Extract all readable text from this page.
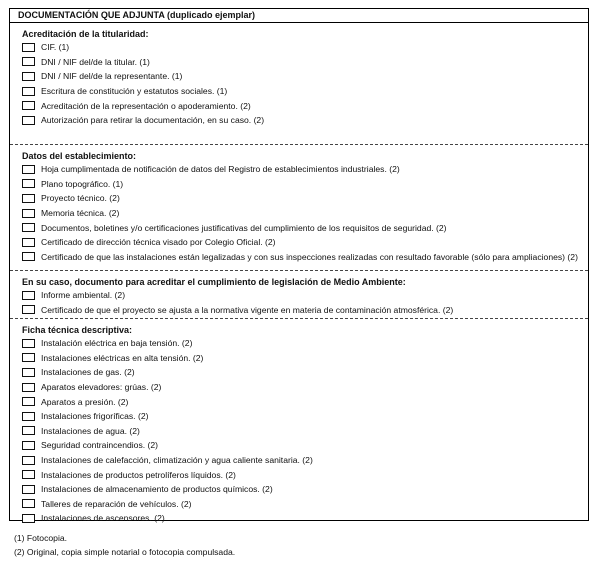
DOCUMENTACIÓN QUE ADJUNTA (duplicado ejemplar)
Acreditación de la titularidad:
CIF. (1)
DNI / NIF del/de la titular. (1)
DNI / NIF del/de la representante. (1)
Escritura de constitución y estatutos sociales. (1)
Acreditación de la representación o apoderamiento. (2)
Autorización para retirar la documentación, en su caso. (2)
Datos del establecimiento:
Hoja cumplimentada de notificación de datos del Registro de establecimientos industriales. (2)
Plano topográfico. (1)
Proyecto técnico. (2)
Memoria técnica. (2)
Documentos, boletines y/o certificaciones justificativas del cumplimiento de los requisitos de seguridad. (2)
Certificado de dirección técnica visado por Colegio Oficial. (2)
Certificado de que las instalaciones están legalizadas y con sus inspecciones realizadas con resultado favorable (sólo para ampliaciones) (2)
En su caso, documento para acreditar el cumplimiento de legislación de Medio Ambiente:
Informe ambiental. (2)
Certificado de que el proyecto se ajusta a la normativa vigente en materia de contaminación atmosférica. (2)
Ficha técnica descriptiva:
Instalación eléctrica en baja tensión. (2)
Instalaciones eléctricas en alta tensión. (2)
Instalaciones de gas. (2)
Aparatos elevadores: grúas. (2)
Aparatos a presión. (2)
Instalaciones frigoríficas. (2)
Instalaciones de agua. (2)
Seguridad contraincendios. (2)
Instalaciones de calefacción, climatización y agua caliente sanitaria. (2)
Instalaciones de productos petrolíferos líquidos. (2)
Instalaciones de almacenamiento de productos químicos. (2)
Talleres de reparación de vehículos. (2)
Instalaciones de ascensores. (2)
(1) Fotocopia.
(2) Original, copia simple notarial o fotocopia compulsada.
